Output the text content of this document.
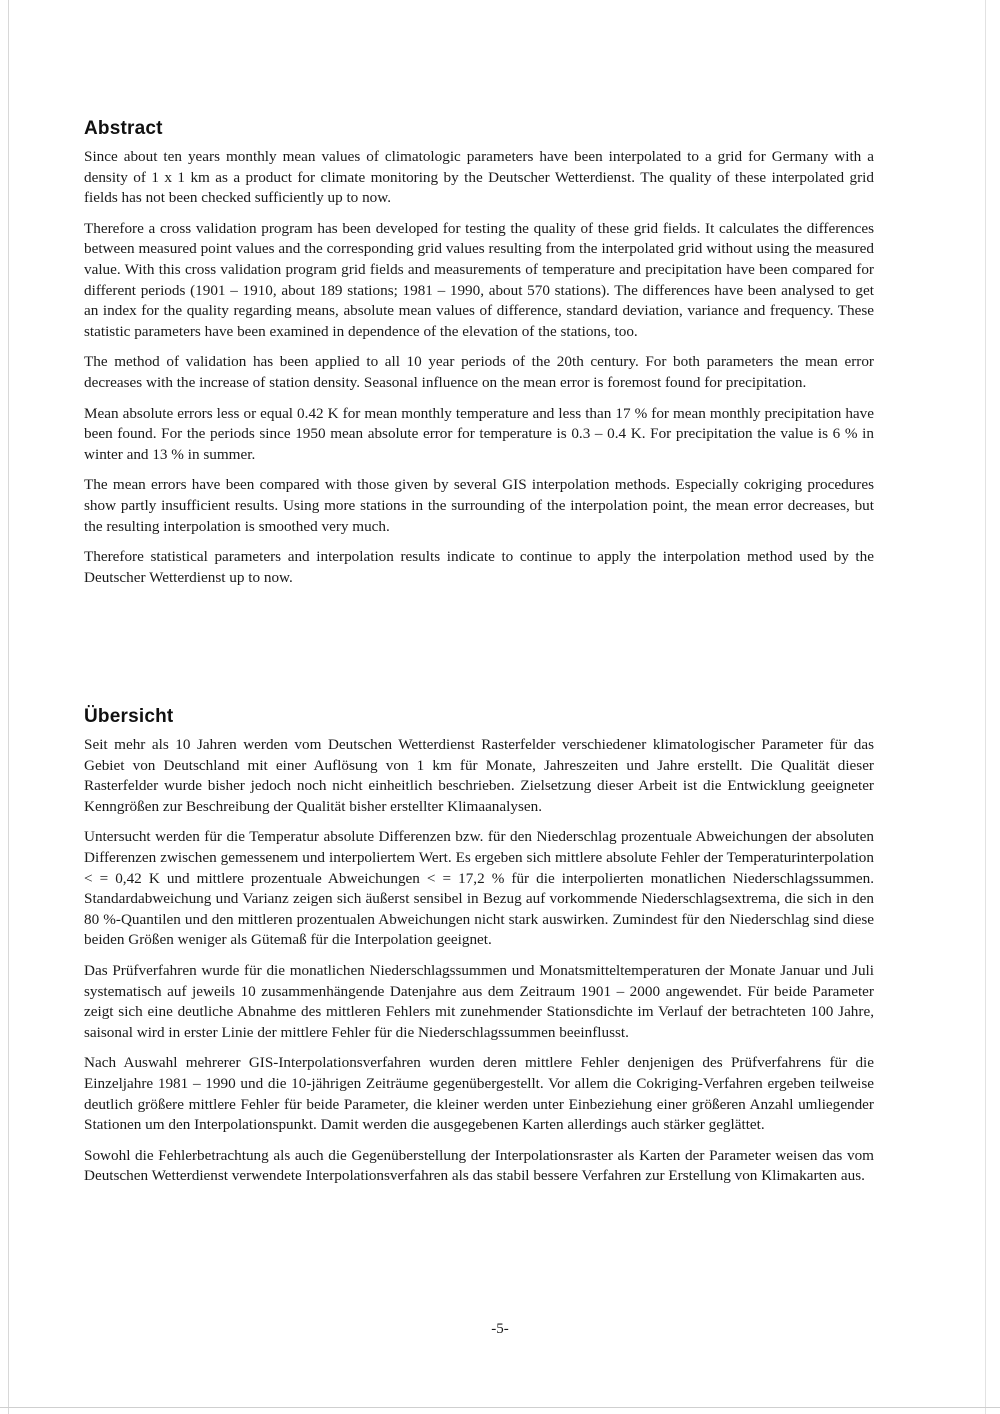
Abstract

Since about ten years monthly mean values of climatologic parameters have been interpolated to a grid for Germany with a density of 1 x 1 km as a product for climate monitoring by the Deutscher Wetterdienst. The quality of these interpolated grid fields has not been checked sufficiently up to now.

Therefore a cross validation program has been developed for testing the quality of these grid fields. It calculates the differences between measured point values and the corresponding grid values resulting from the interpolated grid without using the measured value. With this cross validation program grid fields and measurements of temperature and precipitation have been compared for different periods (1901 – 1910, about 189 stations; 1981 – 1990, about 570 stations). The differences have been analysed to get an index for the quality regarding means, absolute mean values of difference, standard deviation, variance and frequency. These statistic parameters have been examined in dependence of the elevation of the stations, too.

The method of validation has been applied to all 10 year periods of the 20th century. For both parameters the mean error decreases with the increase of station density. Seasonal influence on the mean error is foremost found for precipitation.

Mean absolute errors less or equal 0.42 K for mean monthly temperature and less than 17 % for mean monthly precipitation have been found. For the periods since 1950 mean absolute error for temperature is 0.3 – 0.4 K. For precipitation the value is 6 % in winter and 13 % in summer.

The mean errors have been compared with those given by several GIS interpolation methods. Especially cokriging procedures show partly insufficient results. Using more stations in the surrounding of the interpolation point, the mean error decreases, but the resulting interpolation is smoothed very much.

Therefore statistical parameters and interpolation results indicate to continue to apply the interpolation method used by the Deutscher Wetterdienst up to now.

Übersicht

Seit mehr als 10 Jahren werden vom Deutschen Wetterdienst Rasterfelder verschiedener klimatologischer Parameter für das Gebiet von Deutschland mit einer Auflösung von 1 km für Monate, Jahreszeiten und Jahre erstellt. Die Qualität dieser Rasterfelder wurde bisher jedoch noch nicht einheitlich beschrieben. Zielsetzung dieser Arbeit ist die Entwicklung geeigneter Kenngrößen zur Beschreibung der Qualität bisher erstellter Klimaanalysen.

Untersucht werden für die Temperatur absolute Differenzen bzw. für den Niederschlag prozentuale Abweichungen der absoluten Differenzen zwischen gemessenem und interpoliertem Wert. Es ergeben sich mittlere absolute Fehler der Temperaturinterpolation < = 0,42 K und mittlere prozentuale Abweichungen < = 17,2 % für die interpolierten monatlichen Niederschlagssummen. Standardabweichung und Varianz zeigen sich äußerst sensibel in Bezug auf vorkommende Niederschlagsextrema, die sich in den 80 %-Quantilen und den mittleren prozentualen Abweichungen nicht stark auswirken. Zumindest für den Niederschlag sind diese beiden Größen weniger als Gütemaß für die Interpolation geeignet.

Das Prüfverfahren wurde für die monatlichen Niederschlagssummen und Monatsmitteltemperaturen der Monate Januar und Juli systematisch auf jeweils 10 zusammenhängende Datenjahre aus dem Zeitraum 1901 – 2000 angewendet. Für beide Parameter zeigt sich eine deutliche Abnahme des mittleren Fehlers mit zunehmender Stationsdichte im Verlauf der betrachteten 100 Jahre, saisonal wird in erster Linie der mittlere Fehler für die Niederschlagssummen beeinflusst.

Nach Auswahl mehrerer GIS-Interpolationsverfahren wurden deren mittlere Fehler denjenigen des Prüfverfahrens für die Einzeljahre 1981 – 1990 und die 10-jährigen Zeiträume gegenübergestellt. Vor allem die Cokriging-Verfahren ergeben teilweise deutlich größere mittlere Fehler für beide Parameter, die kleiner werden unter Einbeziehung einer größeren Anzahl umliegender Stationen um den Interpolationspunkt. Damit werden die ausgegebenen Karten allerdings auch stärker geglättet.

Sowohl die Fehlerbetrachtung als auch die Gegenüberstellung der Interpolationsraster als Karten der Parameter weisen das vom Deutschen Wetterdienst verwendete Interpolationsverfahren als das stabil bessere Verfahren zur Erstellung von Klimakarten aus.

-5-
